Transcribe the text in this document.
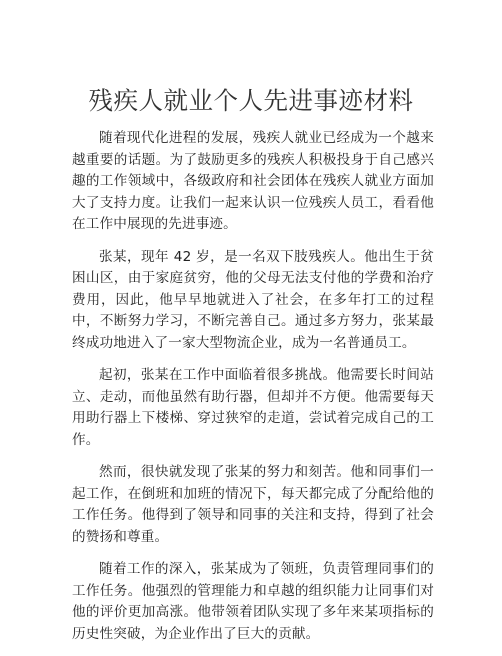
残疾人就业个人先进事迹材料

随着现代化进程的发展，残疾人就业已经成为一个越来越重要的话题。为了鼓励更多的残疾人积极投身于自己感兴趣的工作领域中，各级政府和社会团体在残疾人就业方面加大了支持力度。让我们一起来认识一位残疾人员工，看看他在工作中展现的先进事迹。

张某，现年 42 岁，是一名双下肢残疾人。他出生于贫困山区，由于家庭贫穷，他的父母无法支付他的学费和治疗费用，因此，他早早地就进入了社会，在多年打工的过程中，不断努力学习，不断完善自己。通过多方努力，张某最终成功地进入了一家大型物流企业，成为一名普通员工。

起初，张某在工作中面临着很多挑战。他需要长时间站立、走动，而他虽然有助行器，但却并不方便。他需要每天用助行器上下楼梯、穿过狭窄的走道，尝试着完成自己的工作。

然而，很快就发现了张某的努力和刻苦。他和同事们一起工作，在倒班和加班的情况下，每天都完成了分配给他的工作任务。他得到了领导和同事的关注和支持，得到了社会的赞扬和尊重。

随着工作的深入，张某成为了领班，负责管理同事们的工作任务。他强烈的管理能力和卓越的组织能力让同事们对他的评价更加高涨。他带领着团队实现了多年来某项指标的历史性突破，为企业作出了巨大的贡献。
